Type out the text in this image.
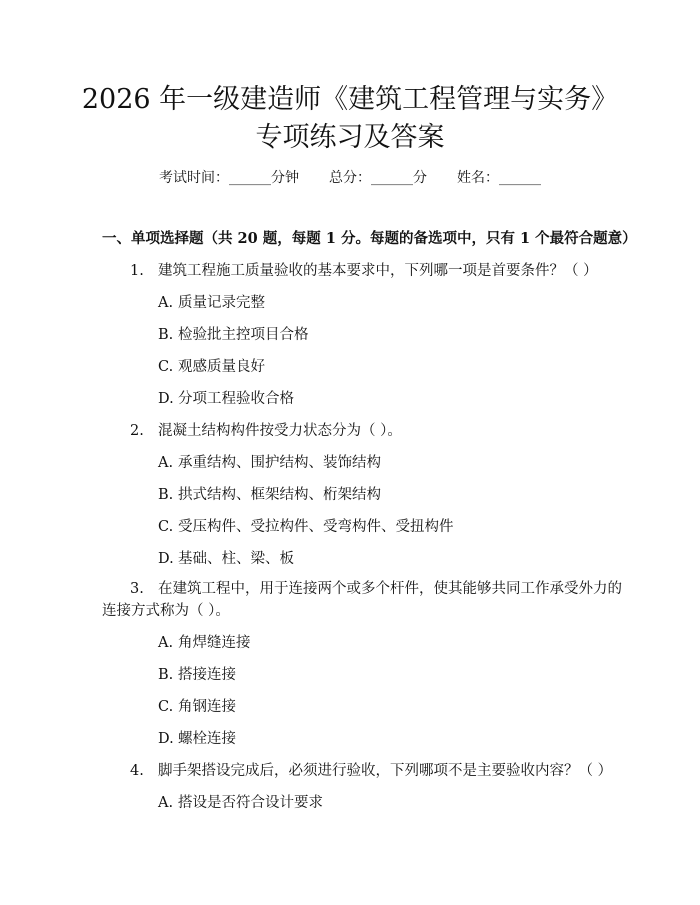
2026 年一级建造师《建筑工程管理与实务》
专项练习及答案
考试时间：______分钟 总分：______分 姓名：______
一、单项选择题（共 20 题，每题 1 分。每题的备选项中，只有 1 个最符合题意）
1. 建筑工程施工质量验收的基本要求中，下列哪一项是首要条件？（ ）
A. 质量记录完整
B. 检验批主控项目合格
C. 观感质量良好
D. 分项工程验收合格
2. 混凝土结构构件按受力状态分为（ ）。
A. 承重结构、围护结构、装饰结构
B. 拱式结构、框架结构、桁架结构
C. 受压构件、受拉构件、受弯构件、受扭构件
D. 基础、柱、梁、板
3. 在建筑工程中，用于连接两个或多个杆件，使其能够共同工作承受外力的
连接方式称为（ ）。
A. 角焊缝连接
B. 搭接连接
C. 角钢连接
D. 螺栓连接
4. 脚手架搭设完成后，必须进行验收，下列哪项不是主要验收内容？（ ）
A. 搭设是否符合设计要求
